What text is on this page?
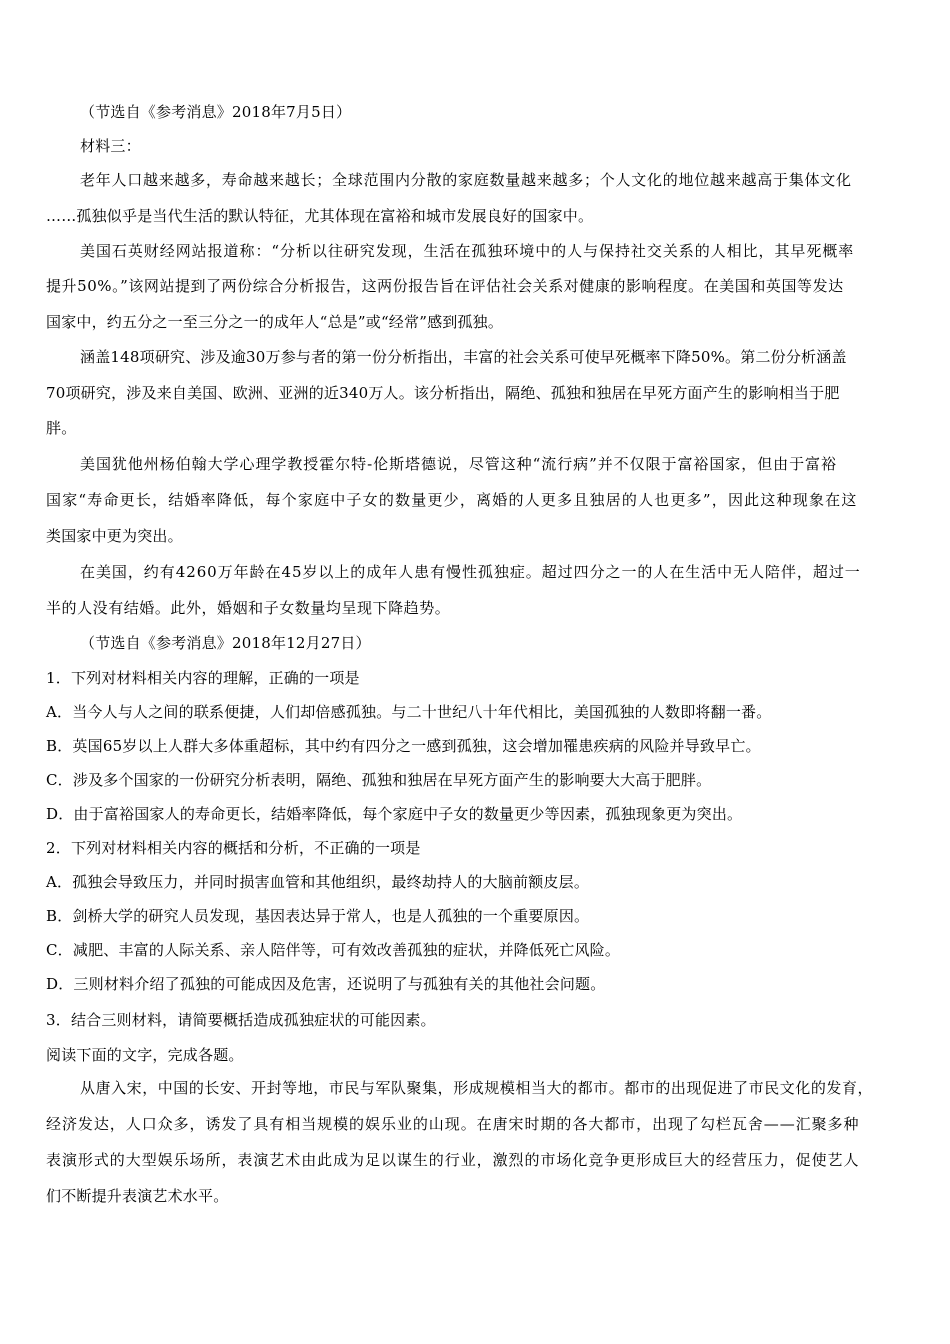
（节选自《参考消息》2018年7月5日）
材料三：
老年人口越来越多，寿命越来越长；全球范围内分散的家庭数量越来越多；个人文化的地位越来越高于集体文化
……孤独似乎是当代生活的默认特征，尤其体现在富裕和城市发展良好的国家中。
美国石英财经网站报道称：“分析以往研究发现，生活在孤独环境中的人与保持社交关系的人相比，其早死概率
提升50%。”该网站提到了两份综合分析报告，这两份报告旨在评估社会关系对健康的影响程度。在美国和英国等发达
国家中，约五分之一至三分之一的成年人“总是”或“经常”感到孤独。
涵盖148项研究、涉及逾30万参与者的第一份分析指出，丰富的社会关系可使早死概率下降50%。第二份分析涵盖
70项研究，涉及来自美国、欧洲、亚洲的近340万人。该分析指出，隔绝、孤独和独居在早死方面产生的影响相当于肥
胖。
美国犹他州杨伯翰大学心理学教授霍尔特-伦斯塔德说，尽管这种“流行病”并不仅限于富裕国家，但由于富裕
国家“寿命更长，结婚率降低，每个家庭中子女的数量更少，离婚的人更多且独居的人也更多”，因此这种现象在这
类国家中更为突出。
在美国，约有4260万年龄在45岁以上的成年人患有慢性孤独症。超过四分之一的人在生活中无人陪伴，超过一
半的人没有结婚。此外，婚姻和子女数量均呈现下降趋势。
（节选自《参考消息》2018年12月27日）
1．下列对材料相关内容的理解，正确的一项是
A．当今人与人之间的联系便捷，人们却倍感孤独。与二十世纪八十年代相比，美国孤独的人数即将翻一番。
B．英国65岁以上人群大多体重超标，其中约有四分之一感到孤独，这会增加罹患疾病的风险并导致早亡。
C．涉及多个国家的一份研究分析表明，隔绝、孤独和独居在早死方面产生的影响要大大高于肥胖。
D．由于富裕国家人的寿命更长，结婚率降低，每个家庭中子女的数量更少等因素，孤独现象更为突出。
2．下列对材料相关内容的概括和分析，不正确的一项是
A．孤独会导致压力，并同时损害血管和其他组织，最终劫持人的大脑前额皮层。
B．剑桥大学的研究人员发现，基因表达异于常人，也是人孤独的一个重要原因。
C．减肥、丰富的人际关系、亲人陪伴等，可有效改善孤独的症状，并降低死亡风险。
D．三则材料介绍了孤独的可能成因及危害，还说明了与孤独有关的其他社会问题。
3．结合三则材料，请简要概括造成孤独症状的可能因素。
阅读下面的文字，完成各题。
从唐入宋，中国的长安、开封等地，市民与军队聚集，形成规模相当大的都市。都市的出现促进了市民文化的发育，
经济发达，人口众多，诱发了具有相当规模的娱乐业的山现。在唐宋时期的各大都市，出现了勾栏瓦舍——汇聚多种
表演形式的大型娱乐场所，表演艺术由此成为足以谋生的行业，激烈的市场化竞争更形成巨大的经营压力，促使艺人
们不断提升表演艺术水平。
